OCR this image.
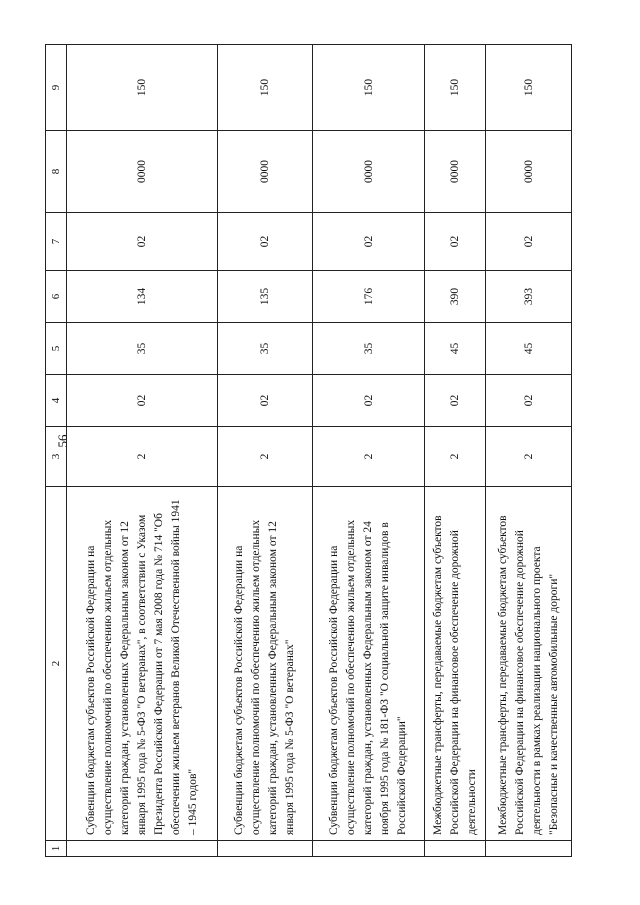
56
1	2	3	4	5	6	7	8	9
	Субвенции бюджетам субъектов Российской Федерации на осуществление полномочий по обеспечению жильем отдельных категорий граждан, установленных Федеральным законом от 12 января 1995 года № 5-ФЗ "О ветеранах", в соответствии с Указом Президента Российской Федерации от 7 мая 2008 года № 714 "Об обеспечении жильем ветеранов Великой Отечественной войны 1941 – 1945 годов"	2	02	35	134	02	0000	150
	Субвенции бюджетам субъектов Российской Федерации на осуществление полномочий по обеспечению жильем отдельных категорий граждан, установленных Федеральным законом от 12 января 1995 года № 5-ФЗ "О ветеранах"	2	02	35	135	02	0000	150
	Субвенции бюджетам субъектов Российской Федерации на осуществление полномочий по обеспечению жильем отдельных категорий граждан, установленных Федеральным законом от 24 ноября 1995 года № 181-ФЗ "О социальной защите инвалидов в Российской Федерации"	2	02	35	176	02	0000	150
	Межбюджетные трансферты, передаваемые бюджетам субъектов Российской Федерации на финансовое обеспечение дорожной деятельности	2	02	45	390	02	0000	150
	Межбюджетные трансферты, передаваемые бюджетам субъектов Российской Федерации на финансовое обеспечение дорожной деятельности в рамках реализации национального проекта "Безопасные и качественные автомобильные дороги"	2	02	45	393	02	0000	150
